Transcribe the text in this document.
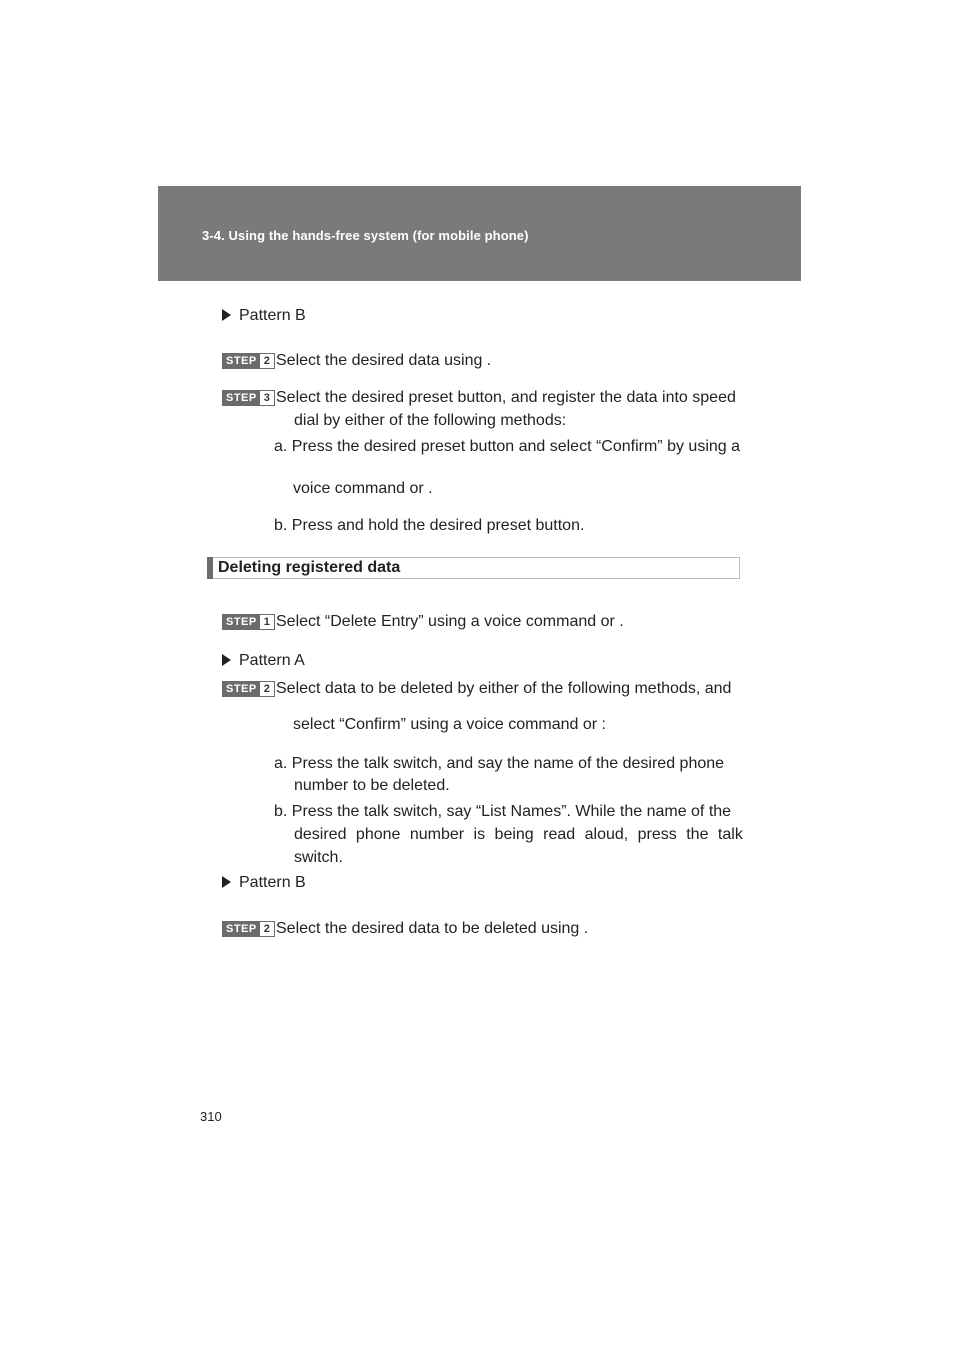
3-4. Using the hands-free system (for mobile phone)
Pattern B
STEP 2 Select the desired data using .
STEP 3 Select the desired preset button, and register the data into speed
dial by either of the following methods:
a. Press the desired preset button and select “Confirm” by using a
voice command or .
b. Press and hold the desired preset button.
Deleting registered data
STEP 1 Select “Delete Entry” using a voice command or .
Pattern A
STEP 2 Select data to be deleted by either of the following methods, and
select “Confirm” using a voice command or :
a. Press the talk switch, and say the name of the desired phone
number to be deleted.
b. Press the talk switch, say “List Names”. While the name of the
desired phone number is being read aloud, press the talk
switch.
Pattern B
STEP 2 Select the desired data to be deleted using .
310
